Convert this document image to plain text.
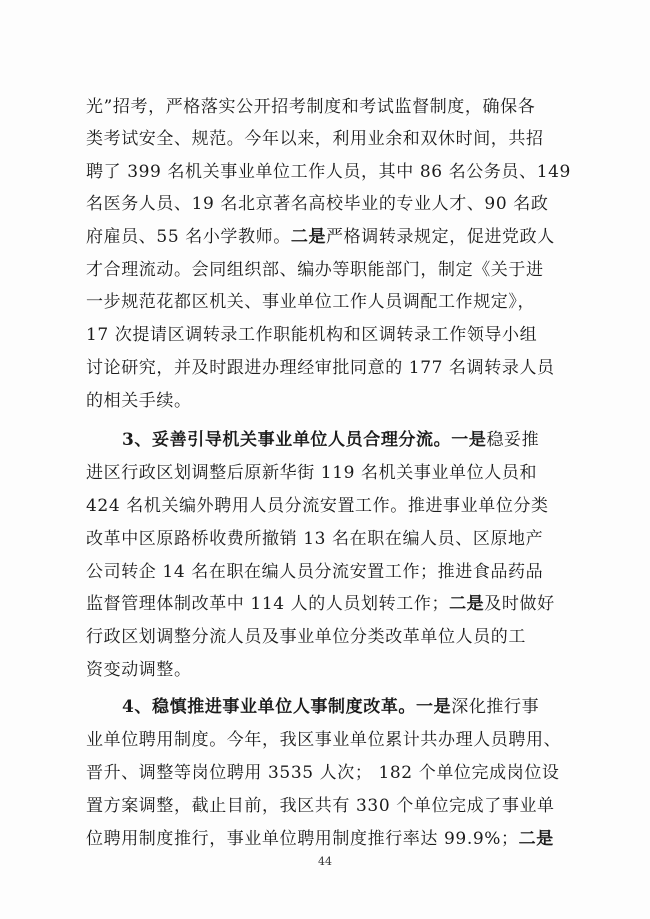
光”招考，严格落实公开招考制度和考试监督制度，确保各
类考试安全、规范。今年以来，利用业余和双休时间，共招
聘了 399 名机关事业单位工作人员，其中 86 名公务员、149
名医务人员、19 名北京著名高校毕业的专业人才、90 名政
府雇员、55 名小学教师。二是严格调转录规定，促进党政人
才合理流动。会同组织部、编办等职能部门，制定《关于进
一步规范花都区机关、事业单位工作人员调配工作规定》，
17 次提请区调转录工作职能机构和区调转录工作领导小组
讨论研究，并及时跟进办理经审批同意的 177 名调转录人员
的相关手续。
3、妥善引导机关事业单位人员合理分流。一是稳妥推
进区行政区划调整后原新华街 119 名机关事业单位人员和
424 名机关编外聘用人员分流安置工作。推进事业单位分类
改革中区原路桥收费所撤销 13 名在职在编人员、区原地产
公司转企 14 名在职在编人员分流安置工作；推进食品药品
监督管理体制改革中 114 人的人员划转工作；二是及时做好
行政区划调整分流人员及事业单位分类改革单位人员的工
资变动调整。
4、稳慎推进事业单位人事制度改革。一是深化推行事
业单位聘用制度。今年，我区事业单位累计共办理人员聘用、
晋升、调整等岗位聘用 3535 人次； 182 个单位完成岗位设
置方案调整，截止目前，我区共有 330 个单位完成了事业单
位聘用制度推行，事业单位聘用制度推行率达 99.9%；二是
44
